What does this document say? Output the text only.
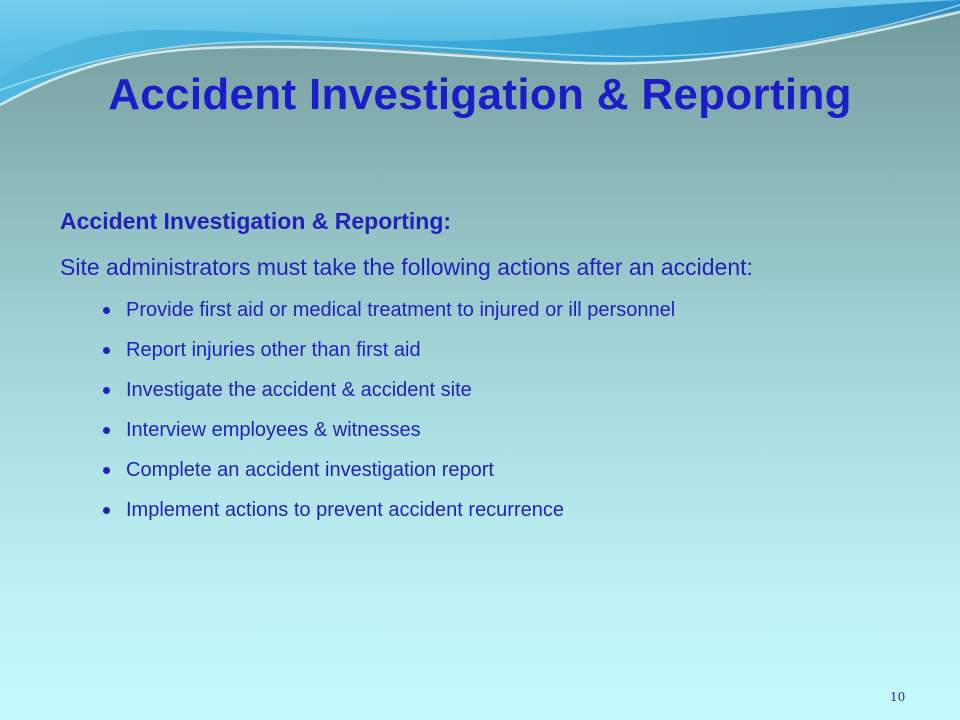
Accident Investigation & Reporting

Accident Investigation & Reporting:

Site administrators must take the following actions after an accident:

Provide first aid or medical treatment to injured or ill personnel
Report injuries other than first aid
Investigate the accident & accident site
Interview employees & witnesses
Complete an accident investigation report
Implement actions to prevent accident recurrence
10
